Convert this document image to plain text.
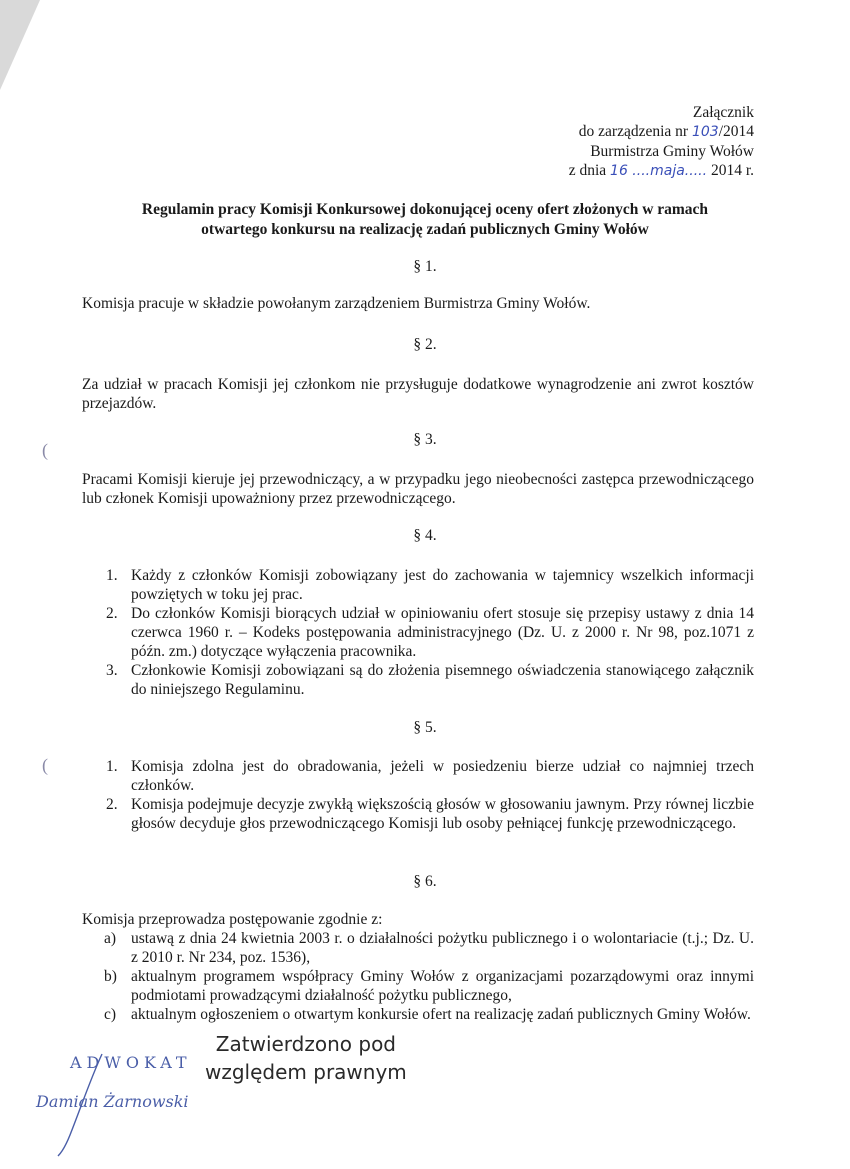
Załącznik
do zarządzenia nr 103/2014
Burmistrza Gminy Wołów
z dnia 16 ....maja..... 2014 r.
Regulamin pracy Komisji Konkursowej dokonującej oceny ofert złożonych w ramach
otwartego konkursu na realizację zadań publicznych Gminy Wołów
§ 1.
Komisja pracuje w składzie powołanym zarządzeniem Burmistrza Gminy Wołów.
§ 2.
Za udział w pracach Komisji jej członkom nie przysługuje dodatkowe wynagrodzenie ani zwrot kosztów przejazdów.
(
§ 3.
Pracami Komisji kieruje jej przewodniczący, a w przypadku jego nieobecności zastępca przewodniczącego lub członek Komisji upoważniony przez przewodniczącego.
§ 4.
1. Każdy z członków Komisji zobowiązany jest do zachowania w tajemnicy wszelkich informacji powziętych w toku jej prac.
2. Do członków Komisji biorących udział w opiniowaniu ofert stosuje się przepisy ustawy z dnia 14 czerwca 1960 r. – Kodeks postępowania administracyjnego (Dz. U. z 2000 r. Nr 98, poz.1071 z późn. zm.) dotyczące wyłączenia pracownika.
3. Członkowie Komisji zobowiązani są do złożenia pisemnego oświadczenia stanowiącego załącznik do niniejszego Regulaminu.
§ 5.
(	1. Komisja zdolna jest do obradowania, jeżeli w posiedzeniu bierze udział co najmniej trzech członków.
2. Komisja podejmuje decyzje zwykłą większością głosów w głosowaniu jawnym. Przy równej liczbie głosów decyduje głos przewodniczącego Komisji lub osoby pełniącej funkcję przewodniczącego.
§ 6.
Komisja przeprowadza postępowanie zgodnie z:
a) ustawą z dnia 24 kwietnia 2003 r. o działalności pożytku publicznego i o wolontariacie (t.j.; Dz. U. z 2010 r. Nr 234, poz. 1536),
b) aktualnym programem współpracy Gminy Wołów z organizacjami pozarządowymi oraz innymi podmiotami prowadzącymi działalność pożytku publicznego,
c) aktualnym ogłoszeniem o otwartym konkursie ofert na realizację zadań publicznych Gminy Wołów.
Zatwierdzono pod
względem prawnym
ADWOKAT
Damian Żarnowski
